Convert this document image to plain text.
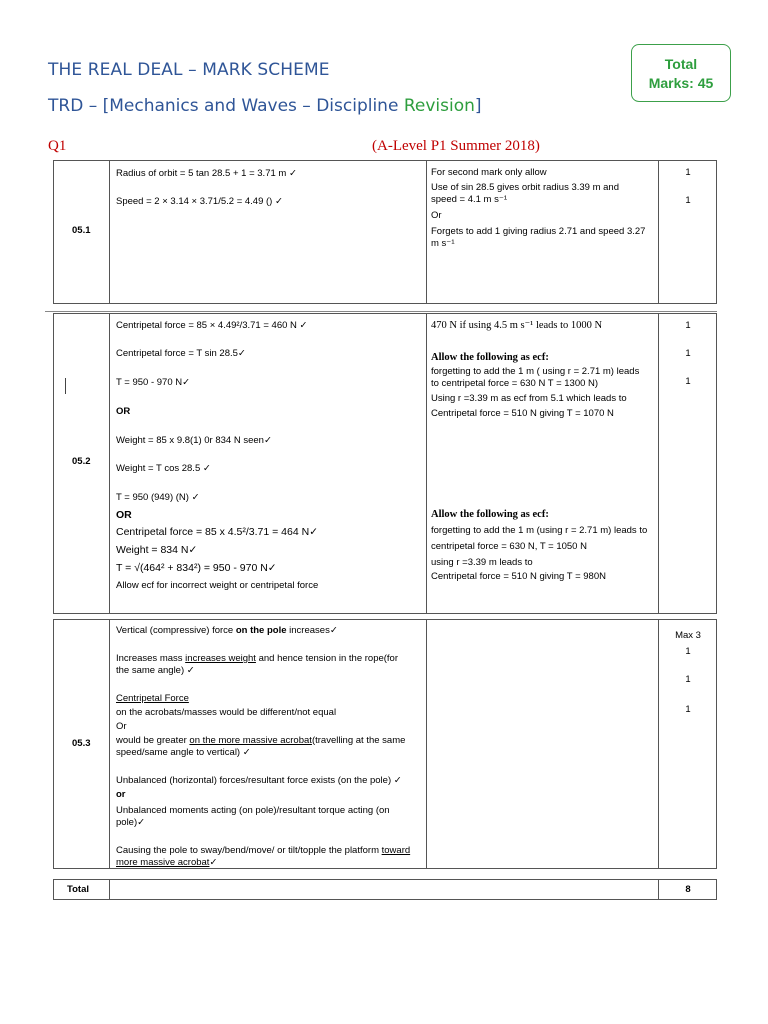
THE REAL DEAL – MARK SCHEME
TRD – [Mechanics and Waves – Discipline Revision]
Total
Marks: 45
Q1	(A-Level P1 Summer 2018)
05.1
Radius of orbit = 5 tan 28.5 + 1 = 3.71 m ✓
Speed = 2 × 3.14 × 3.71/5.2 = 4.49 () ✓
For second mark only allow
Use of sin 28.5 gives orbit radius 3.39 m and
speed = 4.1 m s⁻¹
Or
Forgets to add 1 giving radius 2.71 and speed 3.27
m s⁻¹
1
1
05.2
Centripetal force = 85 × 4.49²/3.71 = 460 N ✓
Centripetal force = T sin 28.5✓
T = 950 - 970 N✓
OR
Weight = 85 x 9.8(1) 0r 834 N seen✓
Weight = T cos 28.5 ✓
T = 950 (949) (N) ✓
OR
Centripetal force = 85 x 4.5²/3.71 = 464 N✓
Weight = 834 N✓
T = √(464² + 834²) = 950 - 970 N✓
Allow ecf for incorrect weight or centripetal force
470 N if using 4.5 m s⁻¹ leads to 1000 N
Allow the following as ecf:
forgetting to add the 1 m ( using r = 2.71 m) leads
to centripetal force = 630 N T = 1300 N)
Using r =3.39 m as ecf from 5.1 which leads to
Centripetal force = 510 N giving T = 1070 N
Allow the following as ecf:
forgetting to add the 1 m (using r = 2.71 m) leads to
centripetal force = 630 N, T = 1050 N
using r =3.39 m leads to
Centripetal force = 510 N giving T = 980N
1
1
1
05.3
Vertical (compressive) force on the pole increases✓
Increases mass increases weight and hence tension in the rope(for
the same angle) ✓
Centripetal Force
on the acrobats/masses would be different/not equal
Or
would be greater on the more massive acrobat(travelling at the same
speed/same angle to vertical) ✓
Unbalanced (horizontal) forces/resultant force exists (on the pole) ✓
or
Unbalanced moments acting (on pole)/resultant torque acting (on
pole)✓
Causing the pole to sway/bend/move/ or tilt/topple the platform toward
more massive acrobat✓
Max 3
1
1
1
Total	8
